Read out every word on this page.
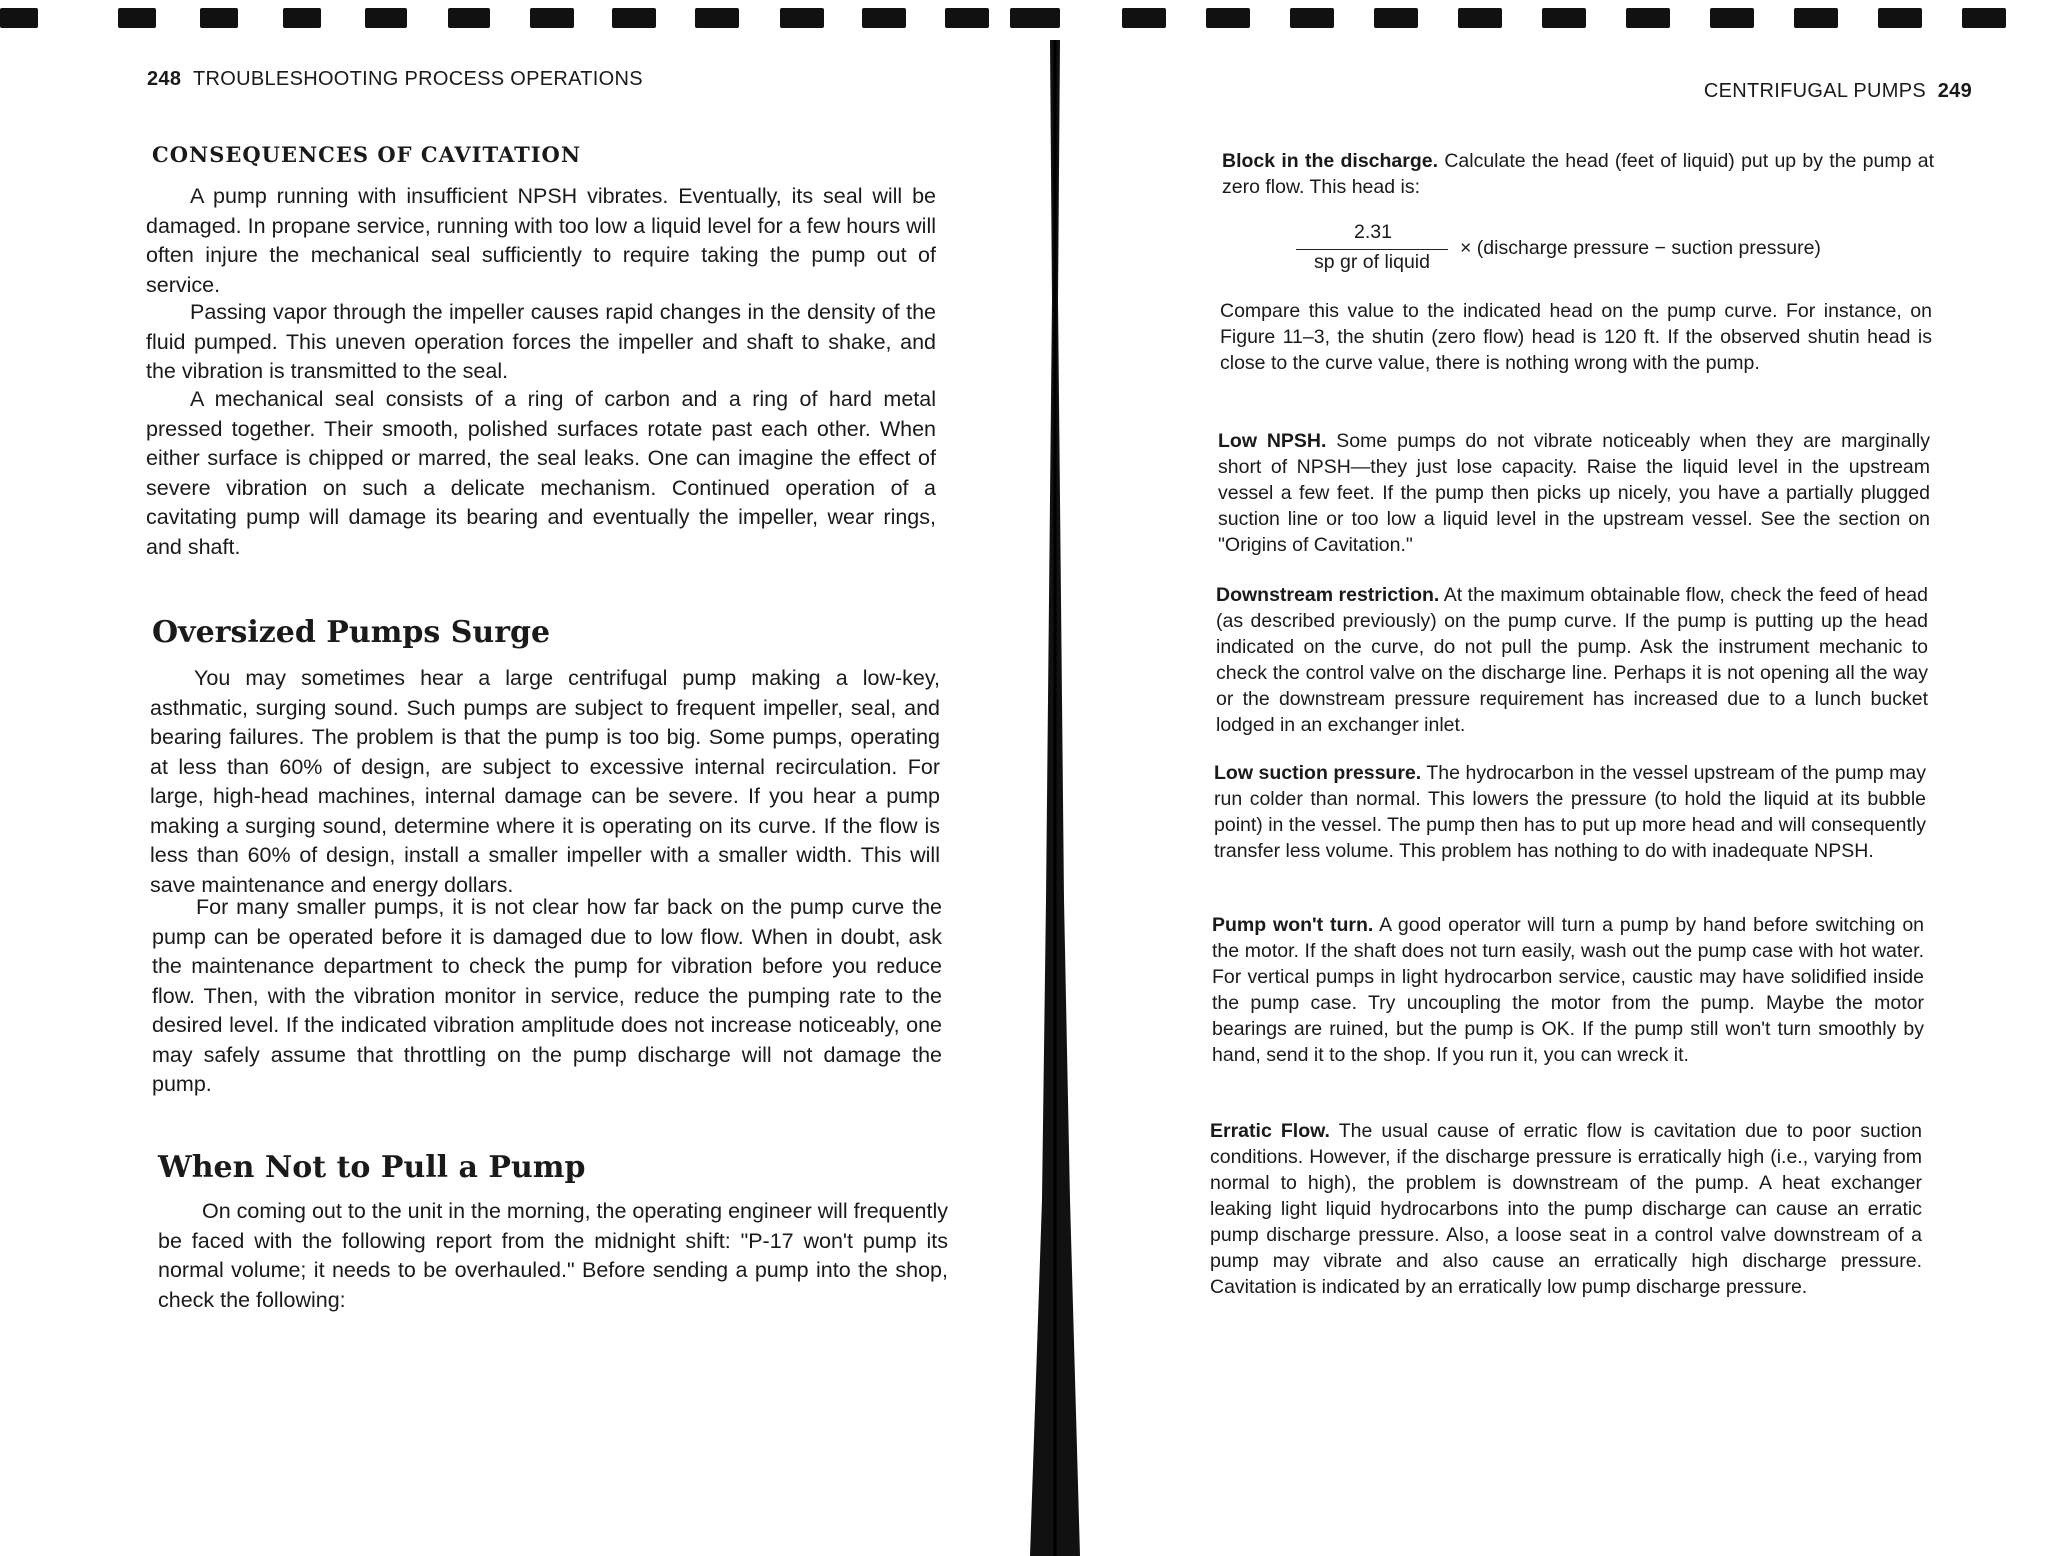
248 TROUBLESHOOTING PROCESS OPERATIONS
CONSEQUENCES OF CAVITATION

A pump running with insufficient NPSH vibrates. Eventually, its seal will be damaged. In propane service, running with too low a liquid level for a few hours will often injure the mechanical seal sufficiently to require taking the pump out of service.

Passing vapor through the impeller causes rapid changes in the density of the fluid pumped. This uneven operation forces the impeller and shaft to shake, and the vibration is transmitted to the seal.

A mechanical seal consists of a ring of carbon and a ring of hard metal pressed together. Their smooth, polished surfaces rotate past each other. When either surface is chipped or marred, the seal leaks. One can imagine the effect of severe vibration on such a delicate mechanism. Continued operation of a cavitating pump will damage its bearing and eventually the impeller, wear rings, and shaft.

Oversized Pumps Surge

You may sometimes hear a large centrifugal pump making a low-key, asthmatic, surging sound. Such pumps are subject to frequent impeller, seal, and bearing failures. The problem is that the pump is too big. Some pumps, operating at less than 60% of design, are subject to excessive internal recirculation. For large, high-head machines, internal damage can be severe. If you hear a pump making a surging sound, determine where it is operating on its curve. If the flow is less than 60% of design, install a smaller impeller with a smaller width. This will save maintenance and energy dollars.

For many smaller pumps, it is not clear how far back on the pump curve the pump can be operated before it is damaged due to low flow. When in doubt, ask the maintenance department to check the pump for vibration before you reduce flow. Then, with the vibration monitor in service, reduce the pumping rate to the desired level. If the indicated vibration amplitude does not increase noticeably, one may safely assume that throttling on the pump discharge will not damage the pump.

When Not to Pull a Pump

On coming out to the unit in the morning, the operating engineer will frequently be faced with the following report from the midnight shift: "P-17 won't pump its normal volume; it needs to be overhauled." Before sending a pump into the shop, check the following:

CENTRIFUGAL PUMPS 249

Block in the discharge. Calculate the head (feet of liquid) put up by the pump at zero flow. This head is:

2.31
sp gr of liquid
× (discharge pressure − suction pressure)

Compare this value to the indicated head on the pump curve. For instance, on Figure 11–3, the shutin (zero flow) head is 120 ft. If the observed shutin head is close to the curve value, there is nothing wrong with the pump.

Low NPSH. Some pumps do not vibrate noticeably when they are marginally short of NPSH—they just lose capacity. Raise the liquid level in the upstream vessel a few feet. If the pump then picks up nicely, you have a partially plugged suction line or too low a liquid level in the upstream vessel. See the section on "Origins of Cavitation."

Downstream restriction. At the maximum obtainable flow, check the feed of head (as described previously) on the pump curve. If the pump is putting up the head indicated on the curve, do not pull the pump. Ask the instrument mechanic to check the control valve on the discharge line. Perhaps it is not opening all the way or the downstream pressure requirement has increased due to a lunch bucket lodged in an exchanger inlet.

Low suction pressure. The hydrocarbon in the vessel upstream of the pump may run colder than normal. This lowers the pressure (to hold the liquid at its bubble point) in the vessel. The pump then has to put up more head and will consequently transfer less volume. This problem has nothing to do with inadequate NPSH.

Pump won't turn. A good operator will turn a pump by hand before switching on the motor. If the shaft does not turn easily, wash out the pump case with hot water. For vertical pumps in light hydrocarbon service, caustic may have solidified inside the pump case. Try uncoupling the motor from the pump. Maybe the motor bearings are ruined, but the pump is OK. If the pump still won't turn smoothly by hand, send it to the shop. If you run it, you can wreck it.

Erratic Flow. The usual cause of erratic flow is cavitation due to poor suction conditions. However, if the discharge pressure is erratically high (i.e., varying from normal to high), the problem is downstream of the pump. A heat exchanger leaking light liquid hydrocarbons into the pump discharge can cause an erratic pump discharge pressure. Also, a loose seat in a control valve downstream of a pump may vibrate and also cause an erratically high discharge pressure. Cavitation is indicated by an erratically low pump discharge pressure.
